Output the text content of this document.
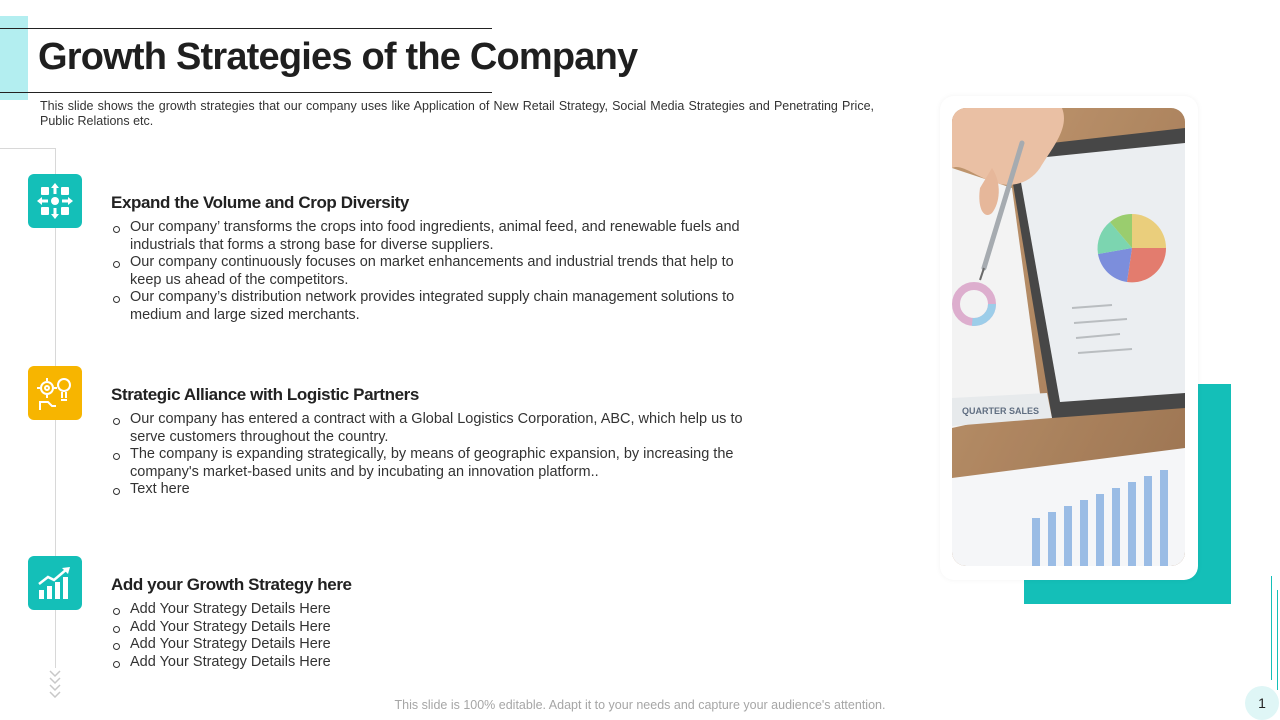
Growth Strategies of the Company

This slide shows the growth strategies that our company uses like Application of New Retail Strategy, Social Media Strategies and Penetrating Price, Public Relations etc.

Expand the Volume and Crop Diversity
Our company’ transforms the crops into food ingredients, animal feed, and renewable fuels and industrials that forms a strong base for diverse suppliers.
Our company continuously focuses on market enhancements and industrial trends that help to keep us ahead of the competitors.
Our company’s distribution network provides integrated supply chain management solutions to medium and large sized merchants.
Strategic Alliance with Logistic Partners
Our company has entered a contract with a Global Logistics Corporation, ABC, which help us to serve customers throughout the country.
The company is expanding strategically, by means of geographic expansion, by increasing the company's market-based units and by incubating an innovation platform..
Text here
Add your Growth Strategy here
Add Your Strategy Details Here
Add Your Strategy Details Here
Add Your Strategy Details Here
Add Your Strategy Details Here
QUARTER SALES
1
This slide is 100% editable. Adapt it to your needs and capture your audience's attention.
